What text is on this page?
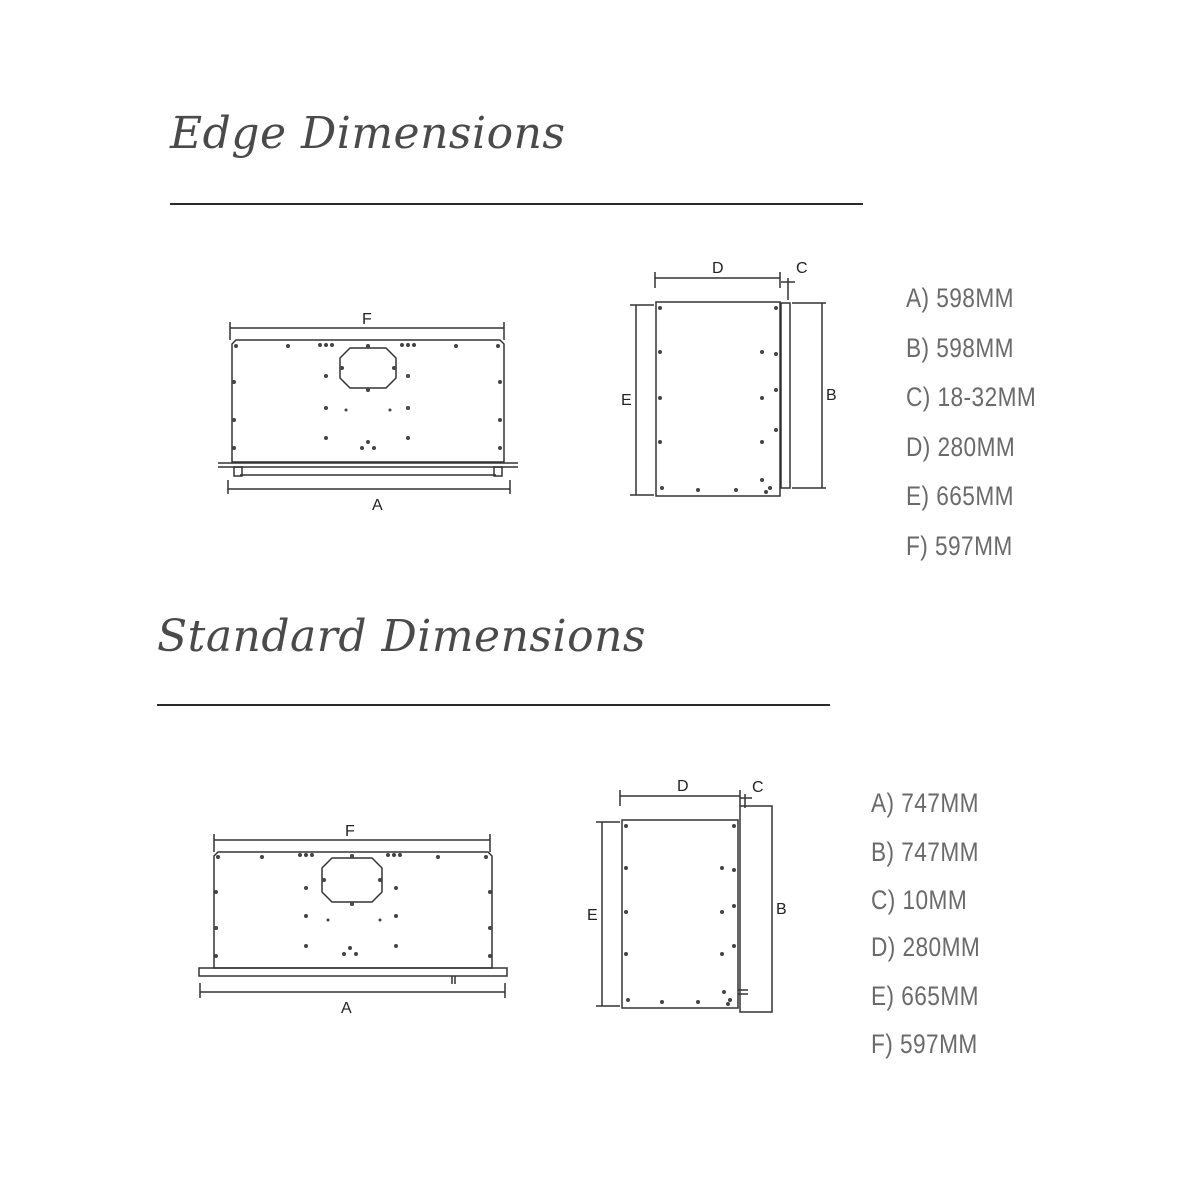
Edge Dimensions
F
A
D	C
E	B
A) 598MM
B) 598MM
C) 18-32MM
D) 280MM
E) 665MM
F) 597MM
Standard Dimensions
F
A
D	C
E	B
A) 747MM
B) 747MM
C) 10MM
D) 280MM
E) 665MM
F) 597MM
